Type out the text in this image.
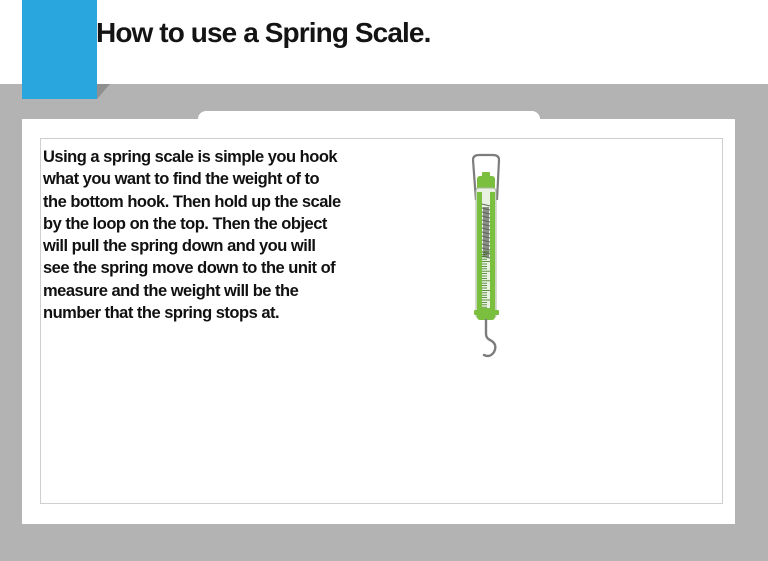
How to use a Spring Scale.

Using a spring scale is simple you hook what you want to find the weight of to the bottom hook. Then hold up the scale by the loop on the top. Then the object will pull the spring down and you will see the spring move down to the unit of measure and the weight will be the number that the spring stops at.
